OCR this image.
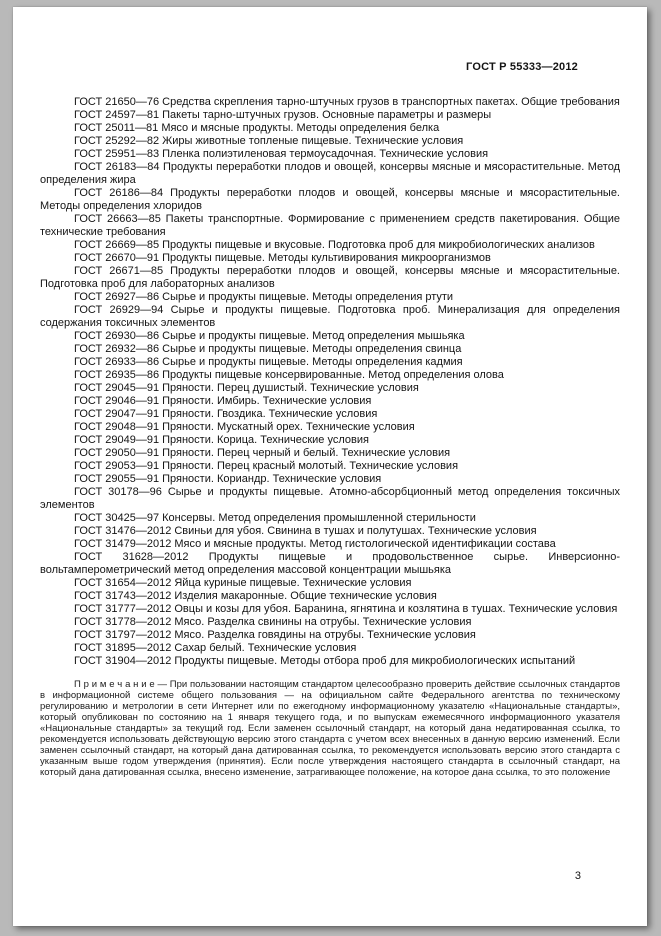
ГОСТ Р 55333—2012

ГОСТ 21650—76 Средства скрепления тарно-штучных грузов в транспортных пакетах. Общие требования

ГОСТ 24597—81 Пакеты тарно-штучных грузов. Основные параметры и размеры

ГОСТ 25011—81 Мясо и мясные продукты. Методы определения белка

ГОСТ 25292—82 Жиры животные топленые пищевые. Технические условия

ГОСТ 25951—83 Пленка полиэтиленовая термоусадочная. Технические условия

ГОСТ 26183—84 Продукты переработки плодов и овощей, консервы мясные и мясорастительные. Метод определения жира

ГОСТ 26186—84 Продукты переработки плодов и овощей, консервы мясные и мясорастительные. Методы определения хлоридов

ГОСТ 26663—85 Пакеты транспортные. Формирование с применением средств пакетирования. Общие технические требования

ГОСТ 26669—85 Продукты пищевые и вкусовые. Подготовка проб для микробиологических анализов

ГОСТ 26670—91 Продукты пищевые. Методы культивирования микроорганизмов

ГОСТ 26671—85 Продукты переработки плодов и овощей, консервы мясные и мясорастительные. Подготовка проб для лабораторных анализов

ГОСТ 26927—86 Сырье и продукты пищевые. Методы определения ртути

ГОСТ 26929—94 Сырье и продукты пищевые. Подготовка проб. Минерализация для определения содержания токсичных элементов

ГОСТ 26930—86 Сырье и продукты пищевые. Метод определения мышьяка

ГОСТ 26932—86 Сырье и продукты пищевые. Методы определения свинца

ГОСТ 26933—86 Сырье и продукты пищевые. Методы определения кадмия

ГОСТ 26935—86 Продукты пищевые консервированные. Метод определения олова

ГОСТ 29045—91 Пряности. Перец душистый. Технические условия

ГОСТ 29046—91 Пряности. Имбирь. Технические условия

ГОСТ 29047—91 Пряности. Гвоздика. Технические условия

ГОСТ 29048—91 Пряности. Мускатный орех. Технические условия

ГОСТ 29049—91 Пряности. Корица. Технические условия

ГОСТ 29050—91 Пряности. Перец черный и белый. Технические условия

ГОСТ 29053—91 Пряности. Перец красный молотый. Технические условия

ГОСТ 29055—91 Пряности. Кориандр. Технические условия

ГОСТ 30178—96 Сырье и продукты пищевые. Атомно-абсорбционный метод определения токсичных элементов

ГОСТ 30425—97 Консервы. Метод определения промышленной стерильности

ГОСТ 31476—2012 Свиньи для убоя. Свинина в тушах и полутушах. Технические условия

ГОСТ 31479—2012 Мясо и мясные продукты. Метод гистологической идентификации состава

ГОСТ 31628—2012 Продукты пищевые и продовольственное сырье. Инверсионно-вольтамперометрический метод определения массовой концентрации мышьяка

ГОСТ 31654—2012 Яйца куриные пищевые. Технические условия

ГОСТ 31743—2012 Изделия макаронные. Общие технические условия

ГОСТ 31777—2012 Овцы и козы для убоя. Баранина, ягнятина и козлятина в тушах. Технические условия

ГОСТ 31778—2012 Мясо. Разделка свинины на отрубы. Технические условия

ГОСТ 31797—2012 Мясо. Разделка говядины на отрубы. Технические условия

ГОСТ 31895—2012 Сахар белый. Технические условия

ГОСТ 31904—2012 Продукты пищевые. Методы отбора проб для микробиологических испытаний

П р и м е ч а н и е — При пользовании настоящим стандартом целесообразно проверить действие ссылочных стандартов в информационной системе общего пользования — на официальном сайте Федерального агентства по техническому регулированию и метрологии в сети Интернет или по ежегодному информационному указателю «Национальные стандарты», который опубликован по состоянию на 1 января текущего года, и по выпускам ежемесячного информационного указателя «Национальные стандарты» за текущий год. Если заменен ссылочный стандарт, на который дана недатированная ссылка, то рекомендуется использовать действующую версию этого стандарта с учетом всех внесенных в данную версию изменений. Если заменен ссылочный стандарт, на который дана датированная ссылка, то рекомендуется использовать версию этого стандарта с указанным выше годом утверждения (принятия). Если после утверждения настоящего стандарта в ссылочный стандарт, на который дана датированная ссылка, внесено изменение, затрагивающее положение, на которое дана ссылка, то это положение
3
